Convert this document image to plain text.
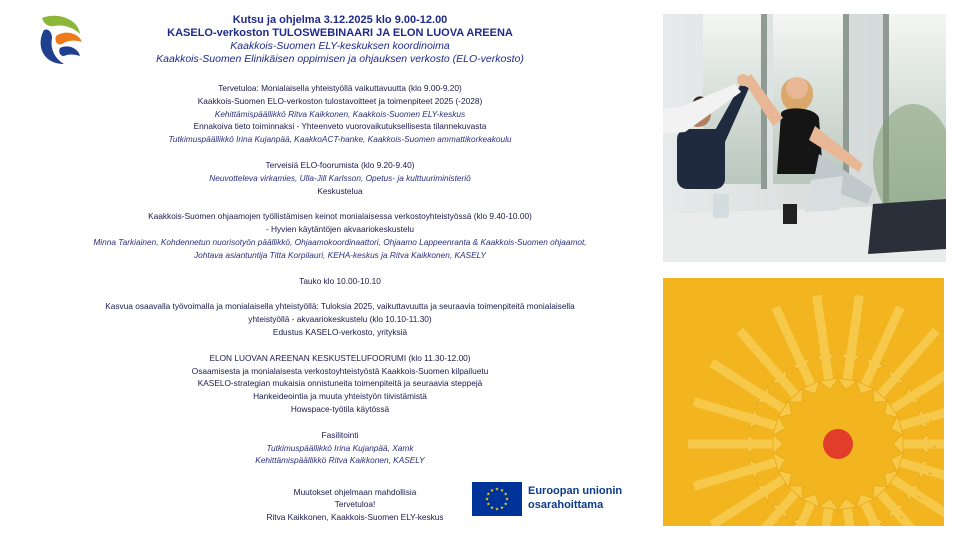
Kutsu ja ohjelma 3.12.2025 klo 9.00-12.00
KASELO-verkoston TULOSWEBINAARI JA ELON LUOVA AREENA
Kaakkois-Suomen ELY-keskuksen koordinoima
Kaakkois-Suomen Elinikäisen oppimisen ja ohjauksen verkosto (ELO-verkosto)
Tervetuloa: Monialaisella yhteistyöllä vaikuttavuutta (klo 9.00-9.20)
Kaakkois-Suomen ELO-verkoston tulostavoitteet ja toimenpiteet 2025 (-2028)
Kehittämispäällikkö Ritva Kaikkonen, Kaakkois-Suomen ELY-keskus
Ennakoiva tieto toiminnaksi - Yhteenveto vuorovaikutuksellisesta tilannekuvasta
Tutkimuspäällikkö Irina Kujanpää, KaakkoACT-hanke, Kaakkois-Suomen ammattikorkeakoulu
Terveisiä ELO-foorumista (klo 9.20-9.40)
Neuvotteleva virkamies, Ulla-Jill Karlsson, Opetus- ja kulttuuriministeriö
Keskustelua
Kaakkois-Suomen ohjaamojen työllistämisen keinot monialaisessa verkostoyhteistyössä (klo 9.40-10.00)
- Hyvien käytäntöjen akvaariokeskustelu
Minna Tarkiainen, Kohdennetun nuorisotyön päällikkö, Ohjaamokoordinaattori, Ohjaamo Lappeenranta & Kaakkois-Suomen ohjaamot,
Johtava asiantuntija Titta Korpilauri, KEHA-keskus ja Ritva Kaikkonen, KASELY
Tauko klo 10.00-10.10
Kasvua osaavalla työvoimalla ja monialaisella yhteistyöllä: Tuloksia 2025, vaikuttavuutta ja seuraavia toimenpiteitä monialaisella
yhteistyöllä - akvaariokeskustelu (klo 10.10-11.30)
Edustus KASELO-verkosto, yrityksiä
ELON LUOVAN AREENAN KESKUSTELUFOORUMI (klo 11.30-12.00)
Osaamisesta ja monialaisesta verkostoyhteistyöstä Kaakkois-Suomen kilpailuetu
KASELO-strategian mukaisia onnistuneita toimenpiteitä ja seuraavia steppejä
Hankeideointia ja muuta yhteistyön tiivistämistä
Howspace-työtila käytössä
Fasilitointi
Tutkimuspäällikkö Irina Kujanpää, Xamk
Kehittämispäällikkö Ritva Kaikkonen, KASELY
Muutokset ohjelmaan mahdollisia
Tervetuloa!
Ritva Kaikkonen, Kaakkois-Suomen ELY-keskus
Euroopan unionin
osarahoittama
